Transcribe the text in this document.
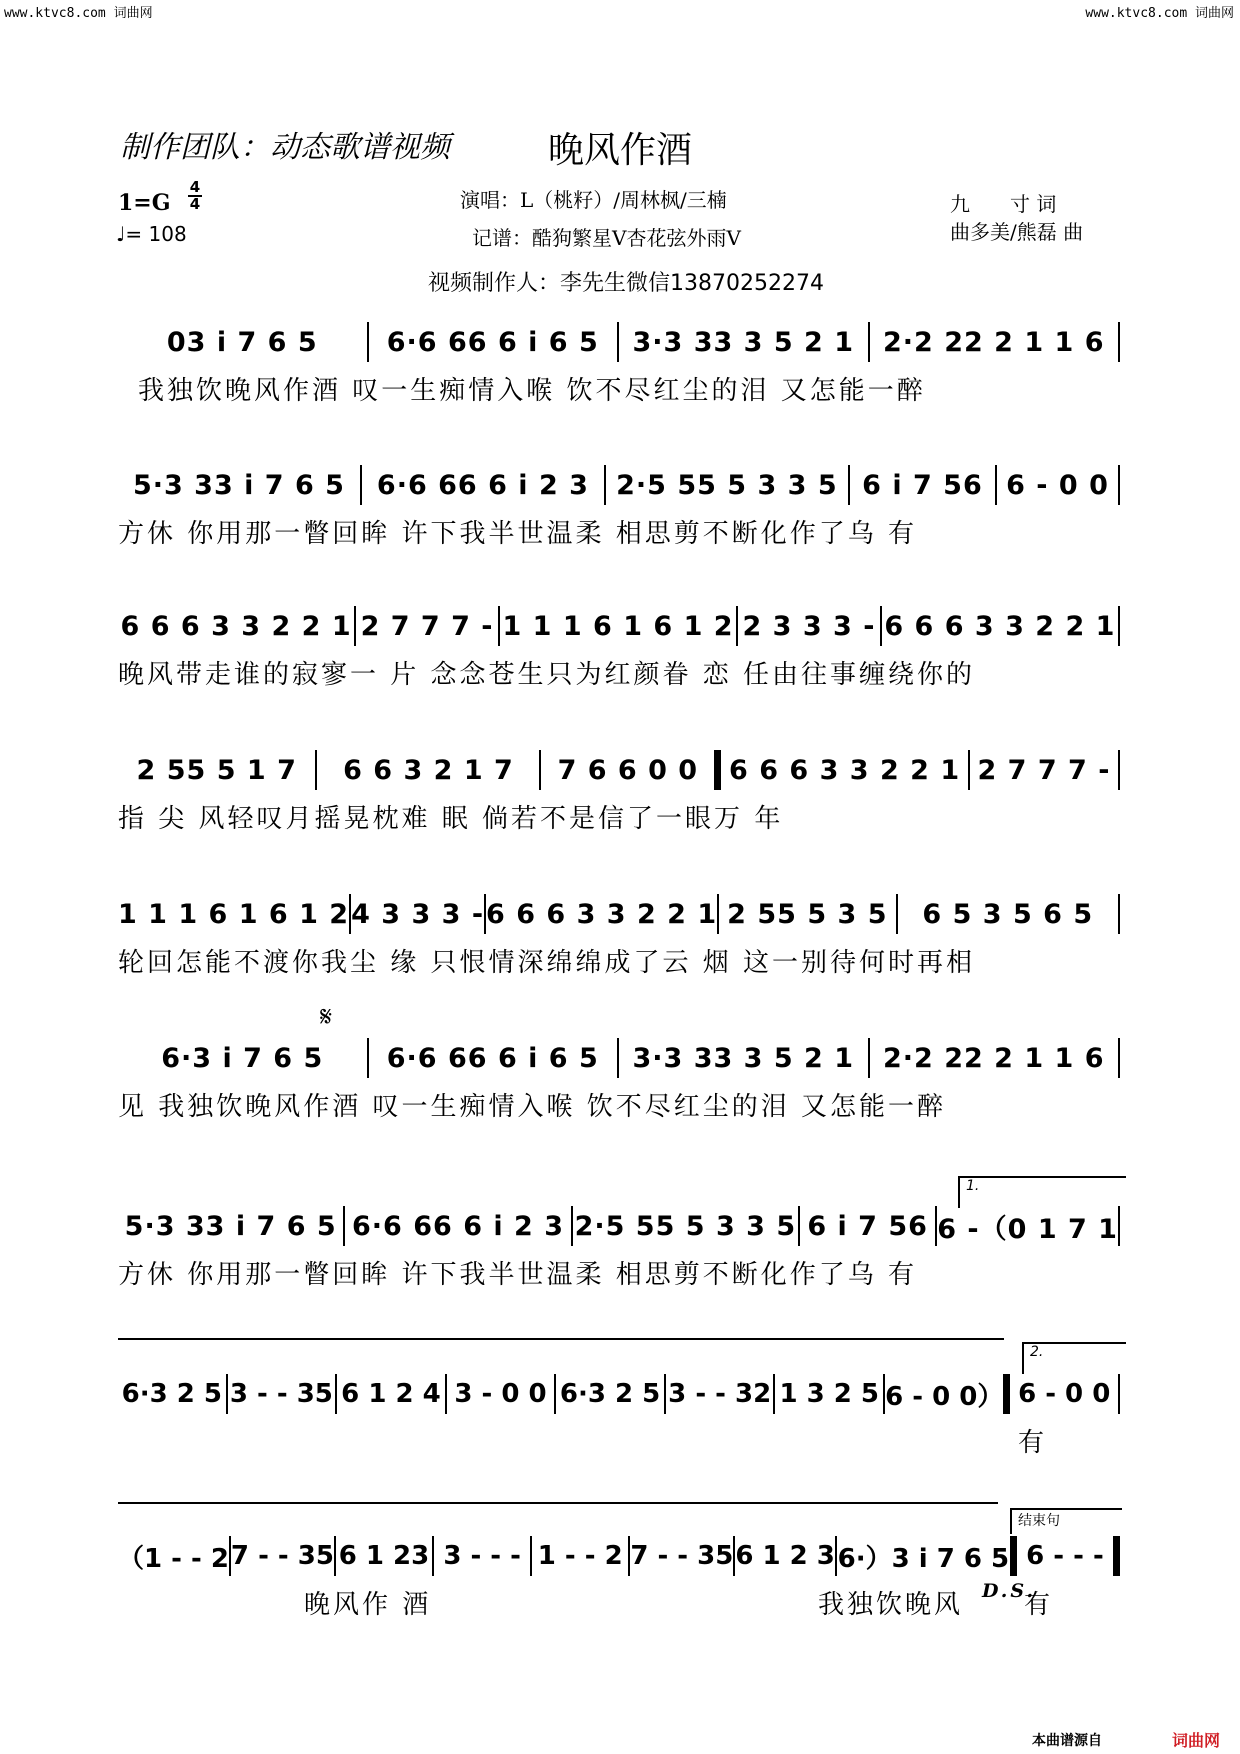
www.ktvc8.com 词曲网	www.ktvc8.com 词曲网
制作团队：动态歌谱视频	晚风作酒
1=G
4
4
♩= 108
演唱：L（桃籽）/周林枫/三楠
记谱：酷狗繁星V杏花弦外雨V
九　　寸 词
曲多美/熊磊 曲
视频制作人：李先生微信13870252274
03 i 7 6 5	6·6 66 6 i 6 5	3·3 33 3 5 2 1	2·2 22 2 1 1 6
我独饮晚风作酒 叹一生痴情入喉 饮不尽红尘的泪 又怎能一醉
5·3 33 i 7 6 5	6·6 66 6 i 2 3	2·5 55 5 3 3 5 6 i 7 56 6 - 0 0
方休 你用那一瞥回眸 许下我半世温柔 相思剪不断化作了乌 有
6 6 6 3 3 2 2 1 2 7 7 7 - 1 1 1 6 1 6 1 2 2 3 3 3 - 6 6 6 3 3 2 2 1
晚风带走谁的寂寥一 片 念念苍生只为红颜眷 恋 任由往事缠绕你的
2 55 5 1 7	6 6 3 2 1 7	7 6 6 0 0	6 6 6 3 3 2 2 1 2 7 7 7 -
指 尖 风轻叹月摇晃枕难 眠 倘若不是信了一眼万 年
1 1 1 6 1 6 1 2 4 3 3 3 - 6 6 6 3 3 2 2 1 2 55 5 3 5	6 5 3 5 6 5
轮回怎能不渡你我尘 缘 只恨情深绵绵成了云 烟 这一别待何时再相
𝄋
6·3 i 7 6 5	6·6 66 6 i 6 5	3·3 33 3 5 2 1	2·2 22 2 1 1 6
见 我独饮晚风作酒 叹一生痴情入喉 饮不尽红尘的泪 又怎能一醉
1.
5·3 33 i 7 6 5 6·6 66 6 i 2 3 2·5 55 5 3 3 5 6 i 7 56 6 -（0 1 7 1
方休 你用那一瞥回眸 许下我半世温柔 相思剪不断化作了乌 有
2.
6·3 2 5 3 - - 35 6 1 2 4 3 - 0 0 6·3 2 5 3 - - 32 1 3 2 5 6 - 0 0） 6 - 0 0
有
结束句
（1 - - 2 7 - - 35 6 1 23 3 - - - 1 - - 2 7 - - 35 6 1 2 3 6·）3 i 7 6 5 6 - - -
晚风作 酒	我独饮晚风 D.S.
有
本曲谱源自	词曲网
